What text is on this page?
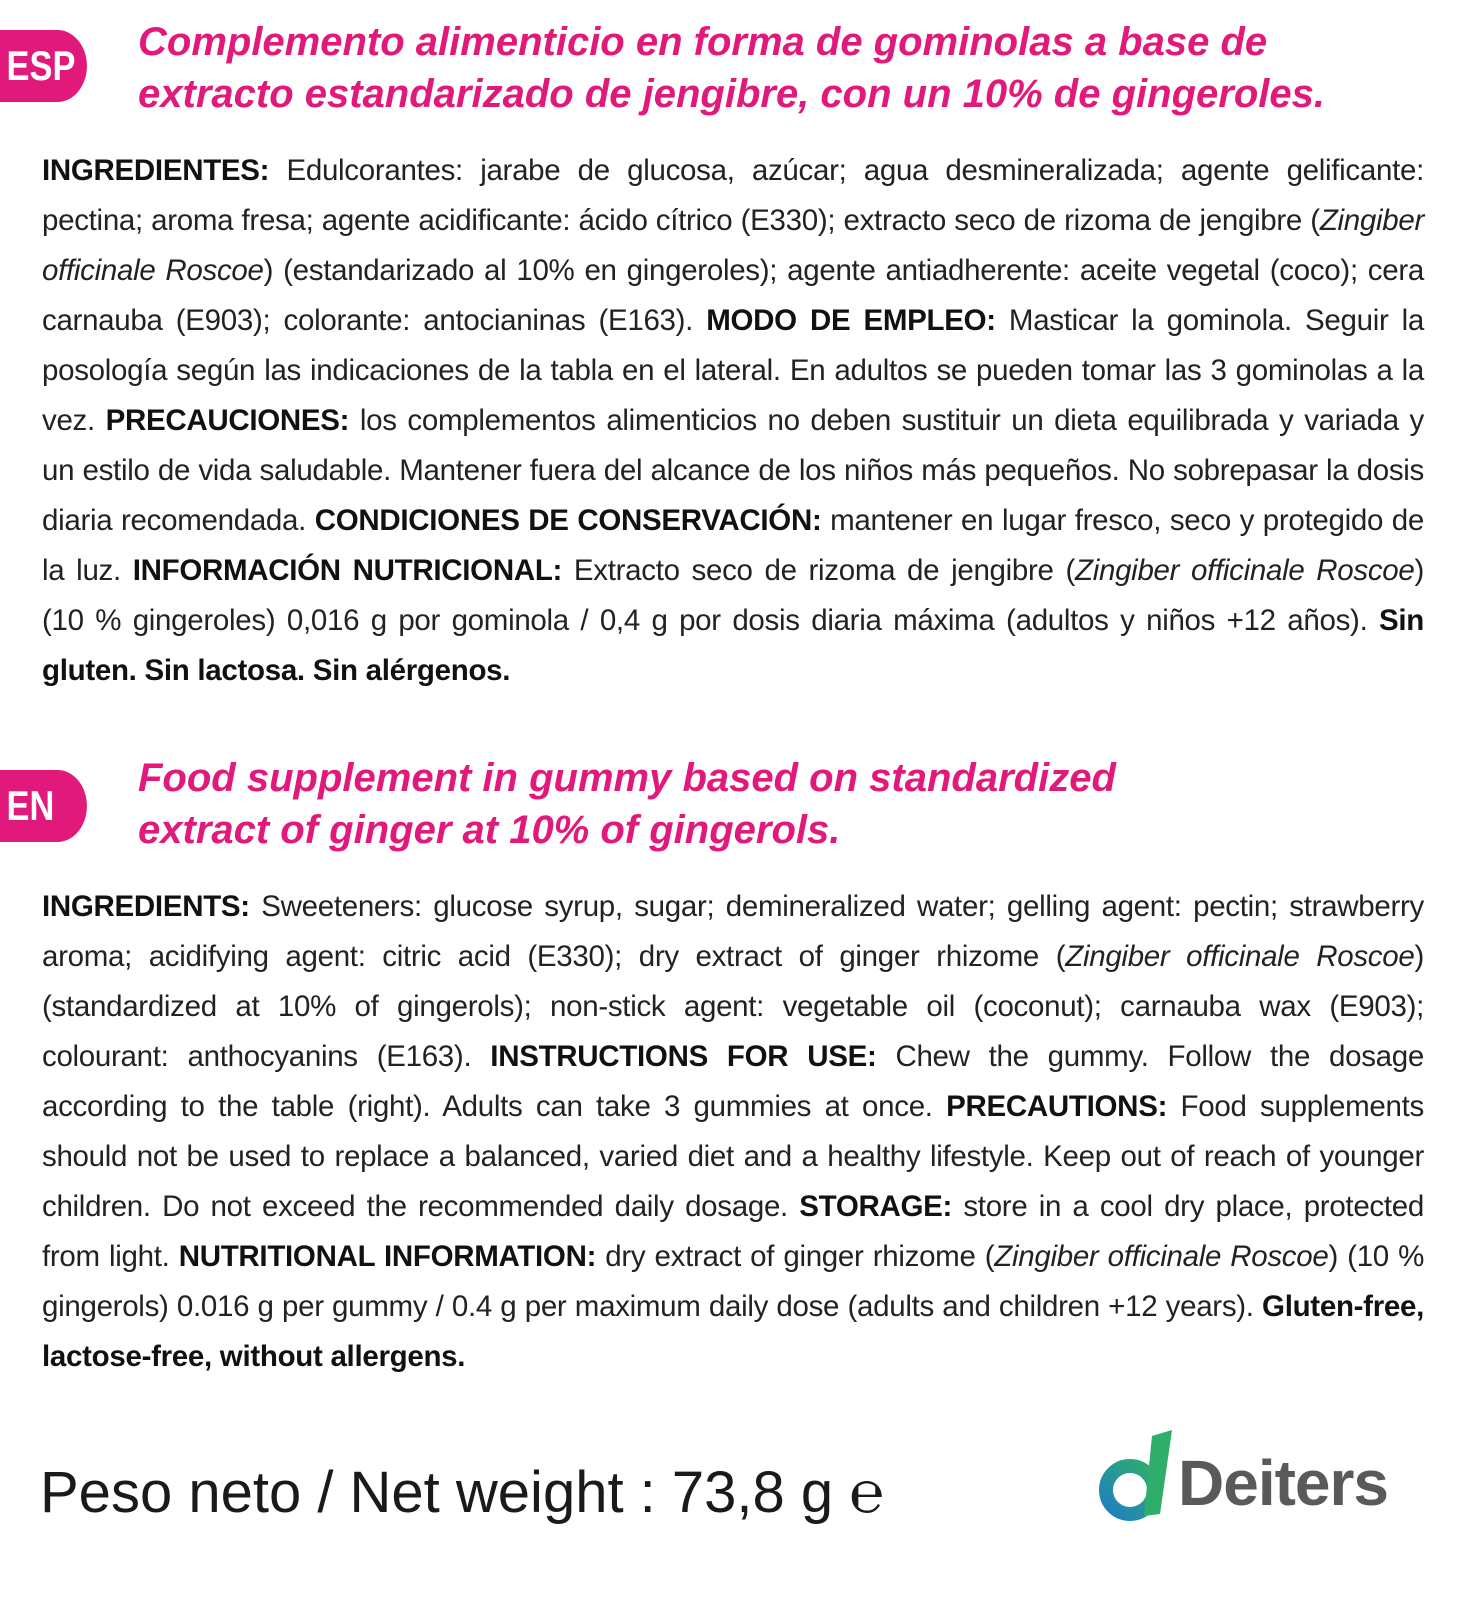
ESP Complemento alimenticio en forma de gominolas a base de
extracto estandarizado de jengibre, con un 10% de gingeroles.
INGREDIENTES: Edulcorantes: jarabe de glucosa, azúcar; agua desmineralizada; agente gelificante: pectina; aroma fresa; agente acidificante: ácido cítrico (E330); extracto seco de rizoma de jengibre (Zingiber officinale Roscoe) (estandarizado al 10% en gingeroles); agente antiadherente: aceite vegetal (coco); cera carnauba (E903); colorante: antocianinas (E163). MODO DE EMPLEO: Masticar la gominola. Seguir la posología según las indicaciones de la tabla en el lateral. En adultos se pueden tomar las 3 gominolas a la vez. PRECAUCIONES: los complementos alimenticios no deben sustituir un dieta equilibrada y variada y un estilo de vida saludable. Mantener fuera del alcance de los niños más pequeños. No sobrepasar la dosis diaria recomendada. CONDICIONES DE CONSERVACIÓN: mantener en lugar fresco, seco y protegido de la luz. INFORMACIÓN NUTRICIONAL: Extracto seco de rizoma de jengibre (Zingiber officinale Roscoe) (10 % gingeroles) 0,016 g por gominola / 0,4 g por dosis diaria máxima (adultos y niños +12 años). Sin gluten. Sin lactosa. Sin alérgenos.
EN
Food supplement in gummy based on standardized
extract of ginger at 10% of gingerols.
INGREDIENTS: Sweeteners: glucose syrup, sugar; demineralized water; gelling agent: pectin; strawberry aroma; acidifying agent: citric acid (E330); dry extract of ginger rhizome (Zingiber officinale Roscoe) (standardized at 10% of gingerols); non-stick agent: vegetable oil (coconut); carnauba wax (E903); colourant: anthocyanins (E163). INSTRUCTIONS FOR USE: Chew the gummy. Follow the dosage according to the table (right). Adults can take 3 gummies at once. PRECAUTIONS: Food supplements should not be used to replace a balanced, varied diet and a healthy lifestyle. Keep out of reach of younger children. Do not exceed the recommended daily dosage. STORAGE: store in a cool dry place, protected from light. NUTRITIONAL INFORMATION: dry extract of ginger rhizome (Zingiber officinale Roscoe) (10 % gingerols) 0.016 g per gummy / 0.4 g per maximum daily dose (adults and children +12 years). Gluten-free, lactose-free, without allergens.
Peso neto / Net weight : 73,8 g ℮	Deiters
